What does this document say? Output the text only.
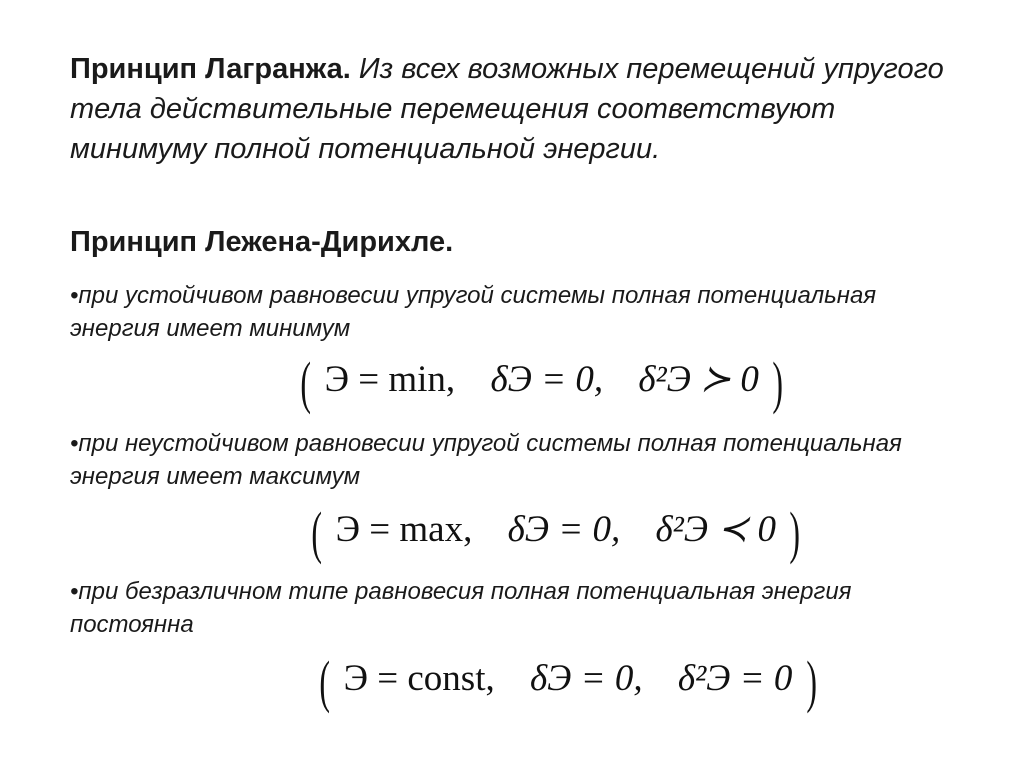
Принцип Лагранжа. Из всех возможных перемещений упругого тела действительные перемещения соответствуют минимуму полной потенциальной энергии.
Принцип Лежена-Дирихле.
•при устойчивом равновесии упругой системы полная потенциальная энергия имеет минимум
( Э = min, δЭ = 0, δ²Э ≻ 0 )
•при неустойчивом равновесии упругой системы полная потенциальная энергия имеет максимум
( Э = max, δЭ = 0, δ²Э ≺ 0 )
•при безразличном типе равновесия полная потенциальная энергия постоянна
( Э = const, δЭ = 0, δ²Э = 0 )
